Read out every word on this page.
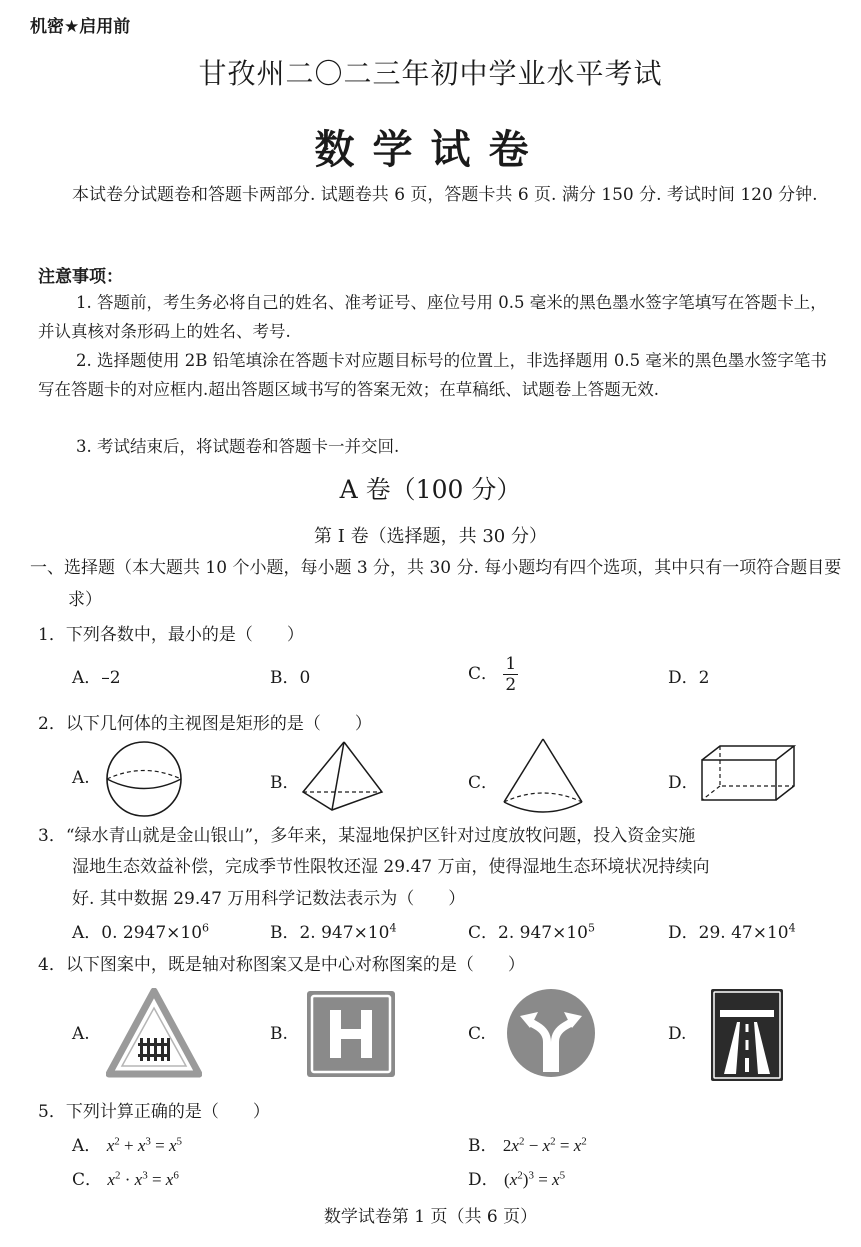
机密★启用前
甘孜州二〇二三年初中学业水平考试
数学试卷
本试卷分试题卷和答题卡两部分. 试题卷共 6 页，答题卡共 6 页. 满分 150 分. 考试时间 120 分钟.
注意事项：
1. 答题前，考生务必将自己的姓名、准考证号、座位号用 0.5 毫米的黑色墨水签字笔填写在答题卡上，并认真核对条形码上的姓名、考号.
2. 选择题使用 2B 铅笔填涂在答题卡对应题目标号的位置上，非选择题用 0.5 毫米的黑色墨水签字笔书写在答题卡的对应框内.超出答题区域书写的答案无效；在草稿纸、试题卷上答题无效.
3. 考试结束后，将试题卷和答题卡一并交回.
A 卷（100 分）
第 I 卷（选择题，共 30 分）
一、选择题（本大题共 10 个小题，每小题 3 分，共 30 分. 每小题均有四个选项，其中只有一项符合题目要求）
1．下列各数中，最小的是（　　）
A．–2	B．0	C． $\frac{1}{2}$	D．2
2．以下几何体的主视图是矩形的是（　　）
A.	B．	C．	D．
3．“绿水青山就是金山银山”，多年来，某湿地保护区针对过度放牧问题，投入资金实施
湿地生态效益补偿，完成季节性限牧还湿 29.47 万亩，使得湿地生态环境状况持续向
好. 其中数据 29.47 万用科学记数法表示为（　　）
A．0. $2947\times 10^6$	B．2. $947\times 10^4$	C．2. $947\times 10^5$	D．29. $47\times 10^4$
4．以下图案中，既是轴对称图案又是中心对称图案的是（　　）
A.	B.	C.	D.
5．下列计算正确的是（　　）
A． $x^2 + x^3 = x^5$	B． $2x^2 - x^2 = x^2$
C． $x^2 \cdot x^3 = x^6$	D． $(x^2)^3 = x^5$
数学试卷第 1 页（共 6 页）
